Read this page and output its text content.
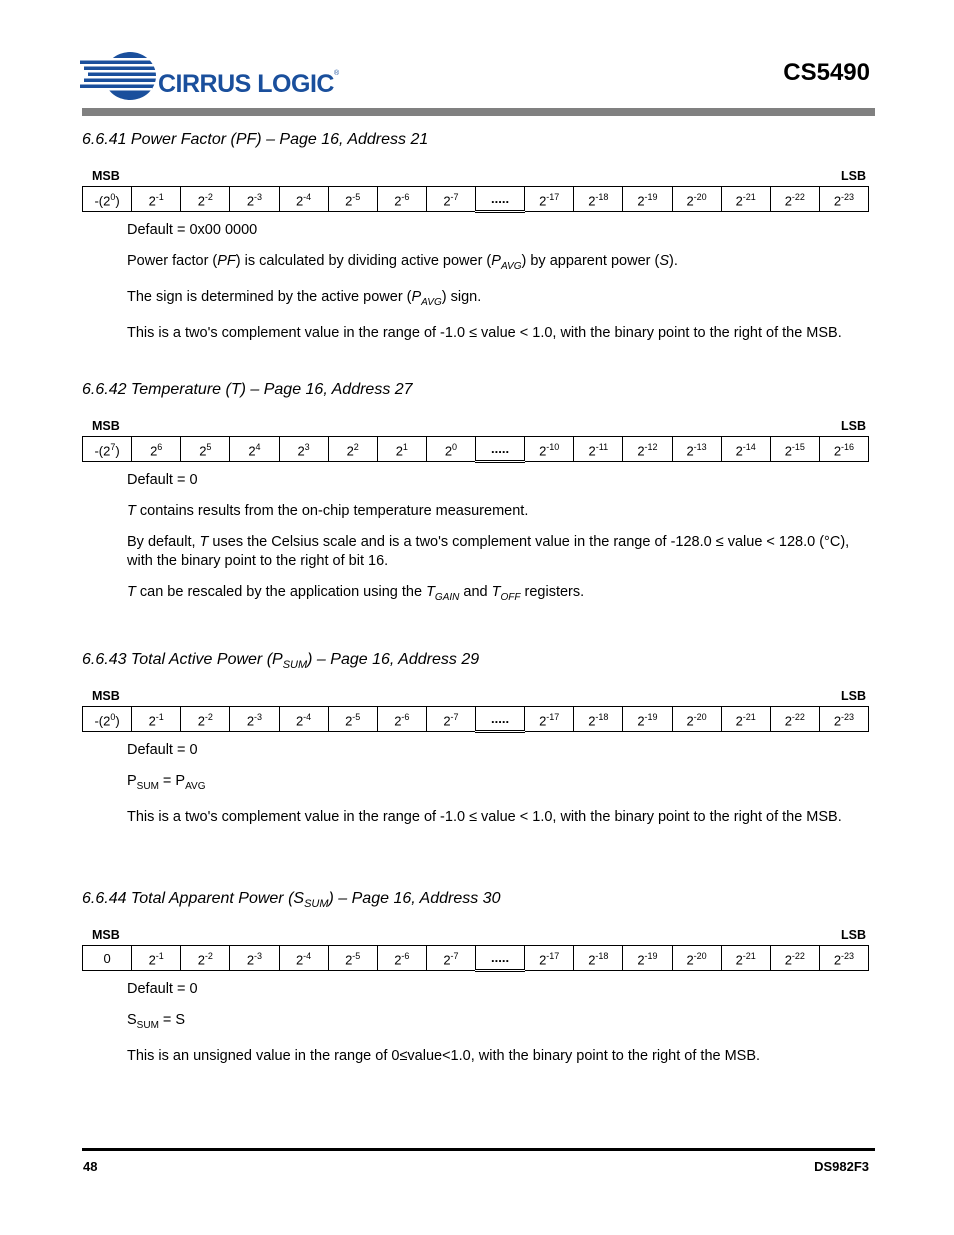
CIRRUS LOGIC®	CS5490
6.6.41 Power Factor (PF) – Page 16, Address 21
MSB	LSB
$-(2^0)$	$2^{-1}$	$2^{-2}$	$2^{-3}$	$2^{-4}$	$2^{-5}$	$2^{-6}$	$2^{-7}$	.....	$2^{-17}$	$2^{-18}$	$2^{-19}$	$2^{-20}$	$2^{-21}$	$2^{-22}$	$2^{-23}$
Default = 0x00 0000
Power factor (PF) is calculated by dividing active power $(P_{AVG})$ by apparent power (S).
The sign is determined by the active power $(P_{AVG})$ sign.
This is a two's complement value in the range of -1.0 ≤ value < 1.0, with the binary point to the right of the MSB.
6.6.42 Temperature (T) – Page 16, Address 27
MSB	LSB
$-(2^7)$	$2^6$	$2^5$	$2^4$	$2^3$	$2^2$	$2^1$	$2^0$	.....	$2^{-10}$	$2^{-11}$	$2^{-12}$	$2^{-13}$	$2^{-14}$	$2^{-15}$	$2^{-16}$
Default = 0
T contains results from the on-chip temperature measurement.
By default, T uses the Celsius scale and is a two's complement value in the range of -128.0 ≤ value < 128.0 (°C), with the binary point to the right of bit 16.
T can be rescaled by the application using the $T_{GAIN}$ and $T_{OFF}$ registers.
6.6.43 Total Active Power $(P_{SUM})$ – Page 16, Address 29
MSB	LSB
$-(2^0)$	$2^{-1}$	$2^{-2}$	$2^{-3}$	$2^{-4}$	$2^{-5}$	$2^{-6}$	$2^{-7}$	.....	$2^{-17}$	$2^{-18}$	$2^{-19}$	$2^{-20}$	$2^{-21}$	$2^{-22}$	$2^{-23}$
Default = 0
$P_{SUM} = P_{AVG}$
This is a two's complement value in the range of -1.0 ≤ value < 1.0, with the binary point to the right of the MSB.
6.6.44 Total Apparent Power $(S_{SUM})$ – Page 16, Address 30
MSB	LSB
0	$2^{-1}$	$2^{-2}$	$2^{-3}$	$2^{-4}$	$2^{-5}$	$2^{-6}$	$2^{-7}$	.....	$2^{-17}$	$2^{-18}$	$2^{-19}$	$2^{-20}$	$2^{-21}$	$2^{-22}$	$2^{-23}$
Default = 0
$S_{SUM} = S$
This is an unsigned value in the range of 0≤value<1.0, with the binary point to the right of the MSB.
48	DS982F3
